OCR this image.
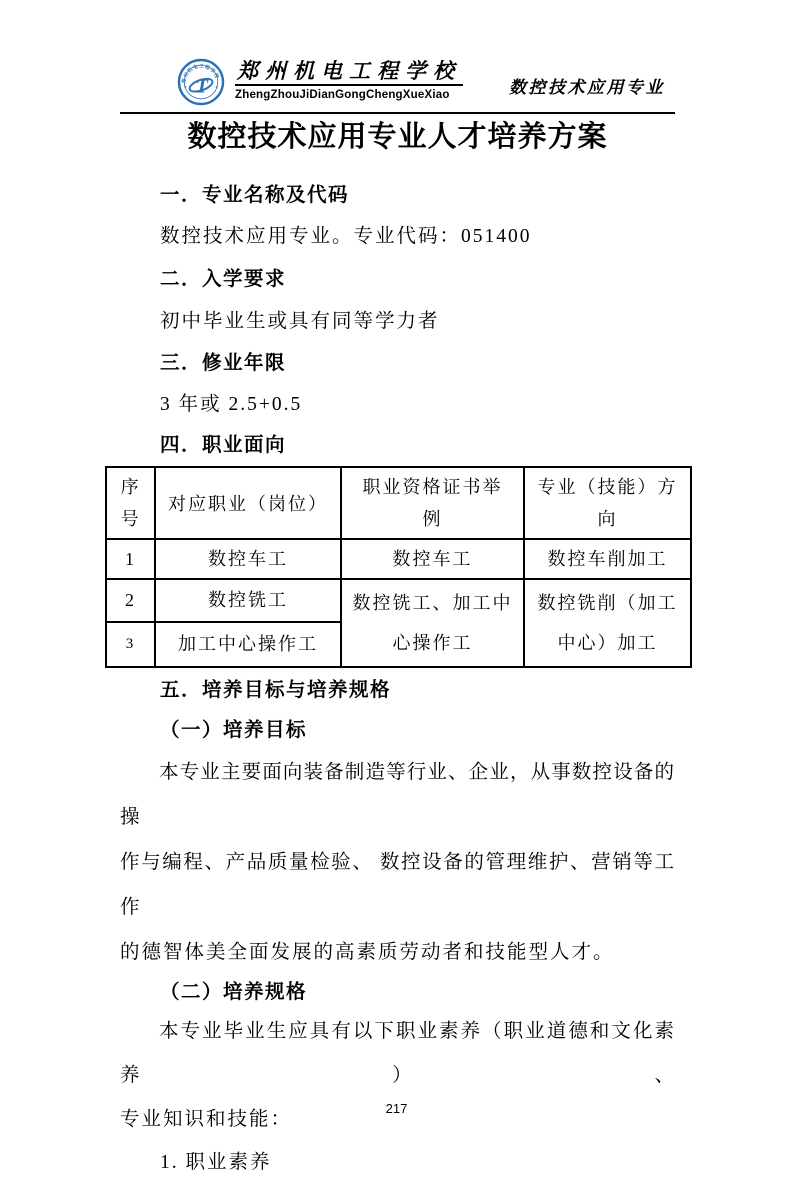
郑州机电工程学校
T
郑州机电工程学校
ZhengZhouJiDianGongChengXueXiao	数控技术应用专业
数控技术应用专业人才培养方案
一．专业名称及代码
数控技术应用专业。专业代码：051400
二．入学要求
初中毕业生或具有同等学力者
三．修业年限
3 年或 2.5+0.5
四．职业面向
序号	对应职业（岗位）	职业资格证书举例	专业（技能）方向
1	数控车工	数控车工	数控车削加工
2	数控铣工	数控铣工、加工中心操作工	数控铣削（加工中心）加工
3	加工中心操作工		
五．培养目标与培养规格
（一）培养目标
本专业主要面向装备制造等行业、企业，从事数控设备的操
作与编程、产品质量检验、 数控设备的管理维护、营销等工作
的德智体美全面发展的高素质劳动者和技能型人才。
（二）培养规格
本专业毕业生应具有以下职业素养（职业道德和文化素养）、
专业知识和技能：
1. 职业素养
217
